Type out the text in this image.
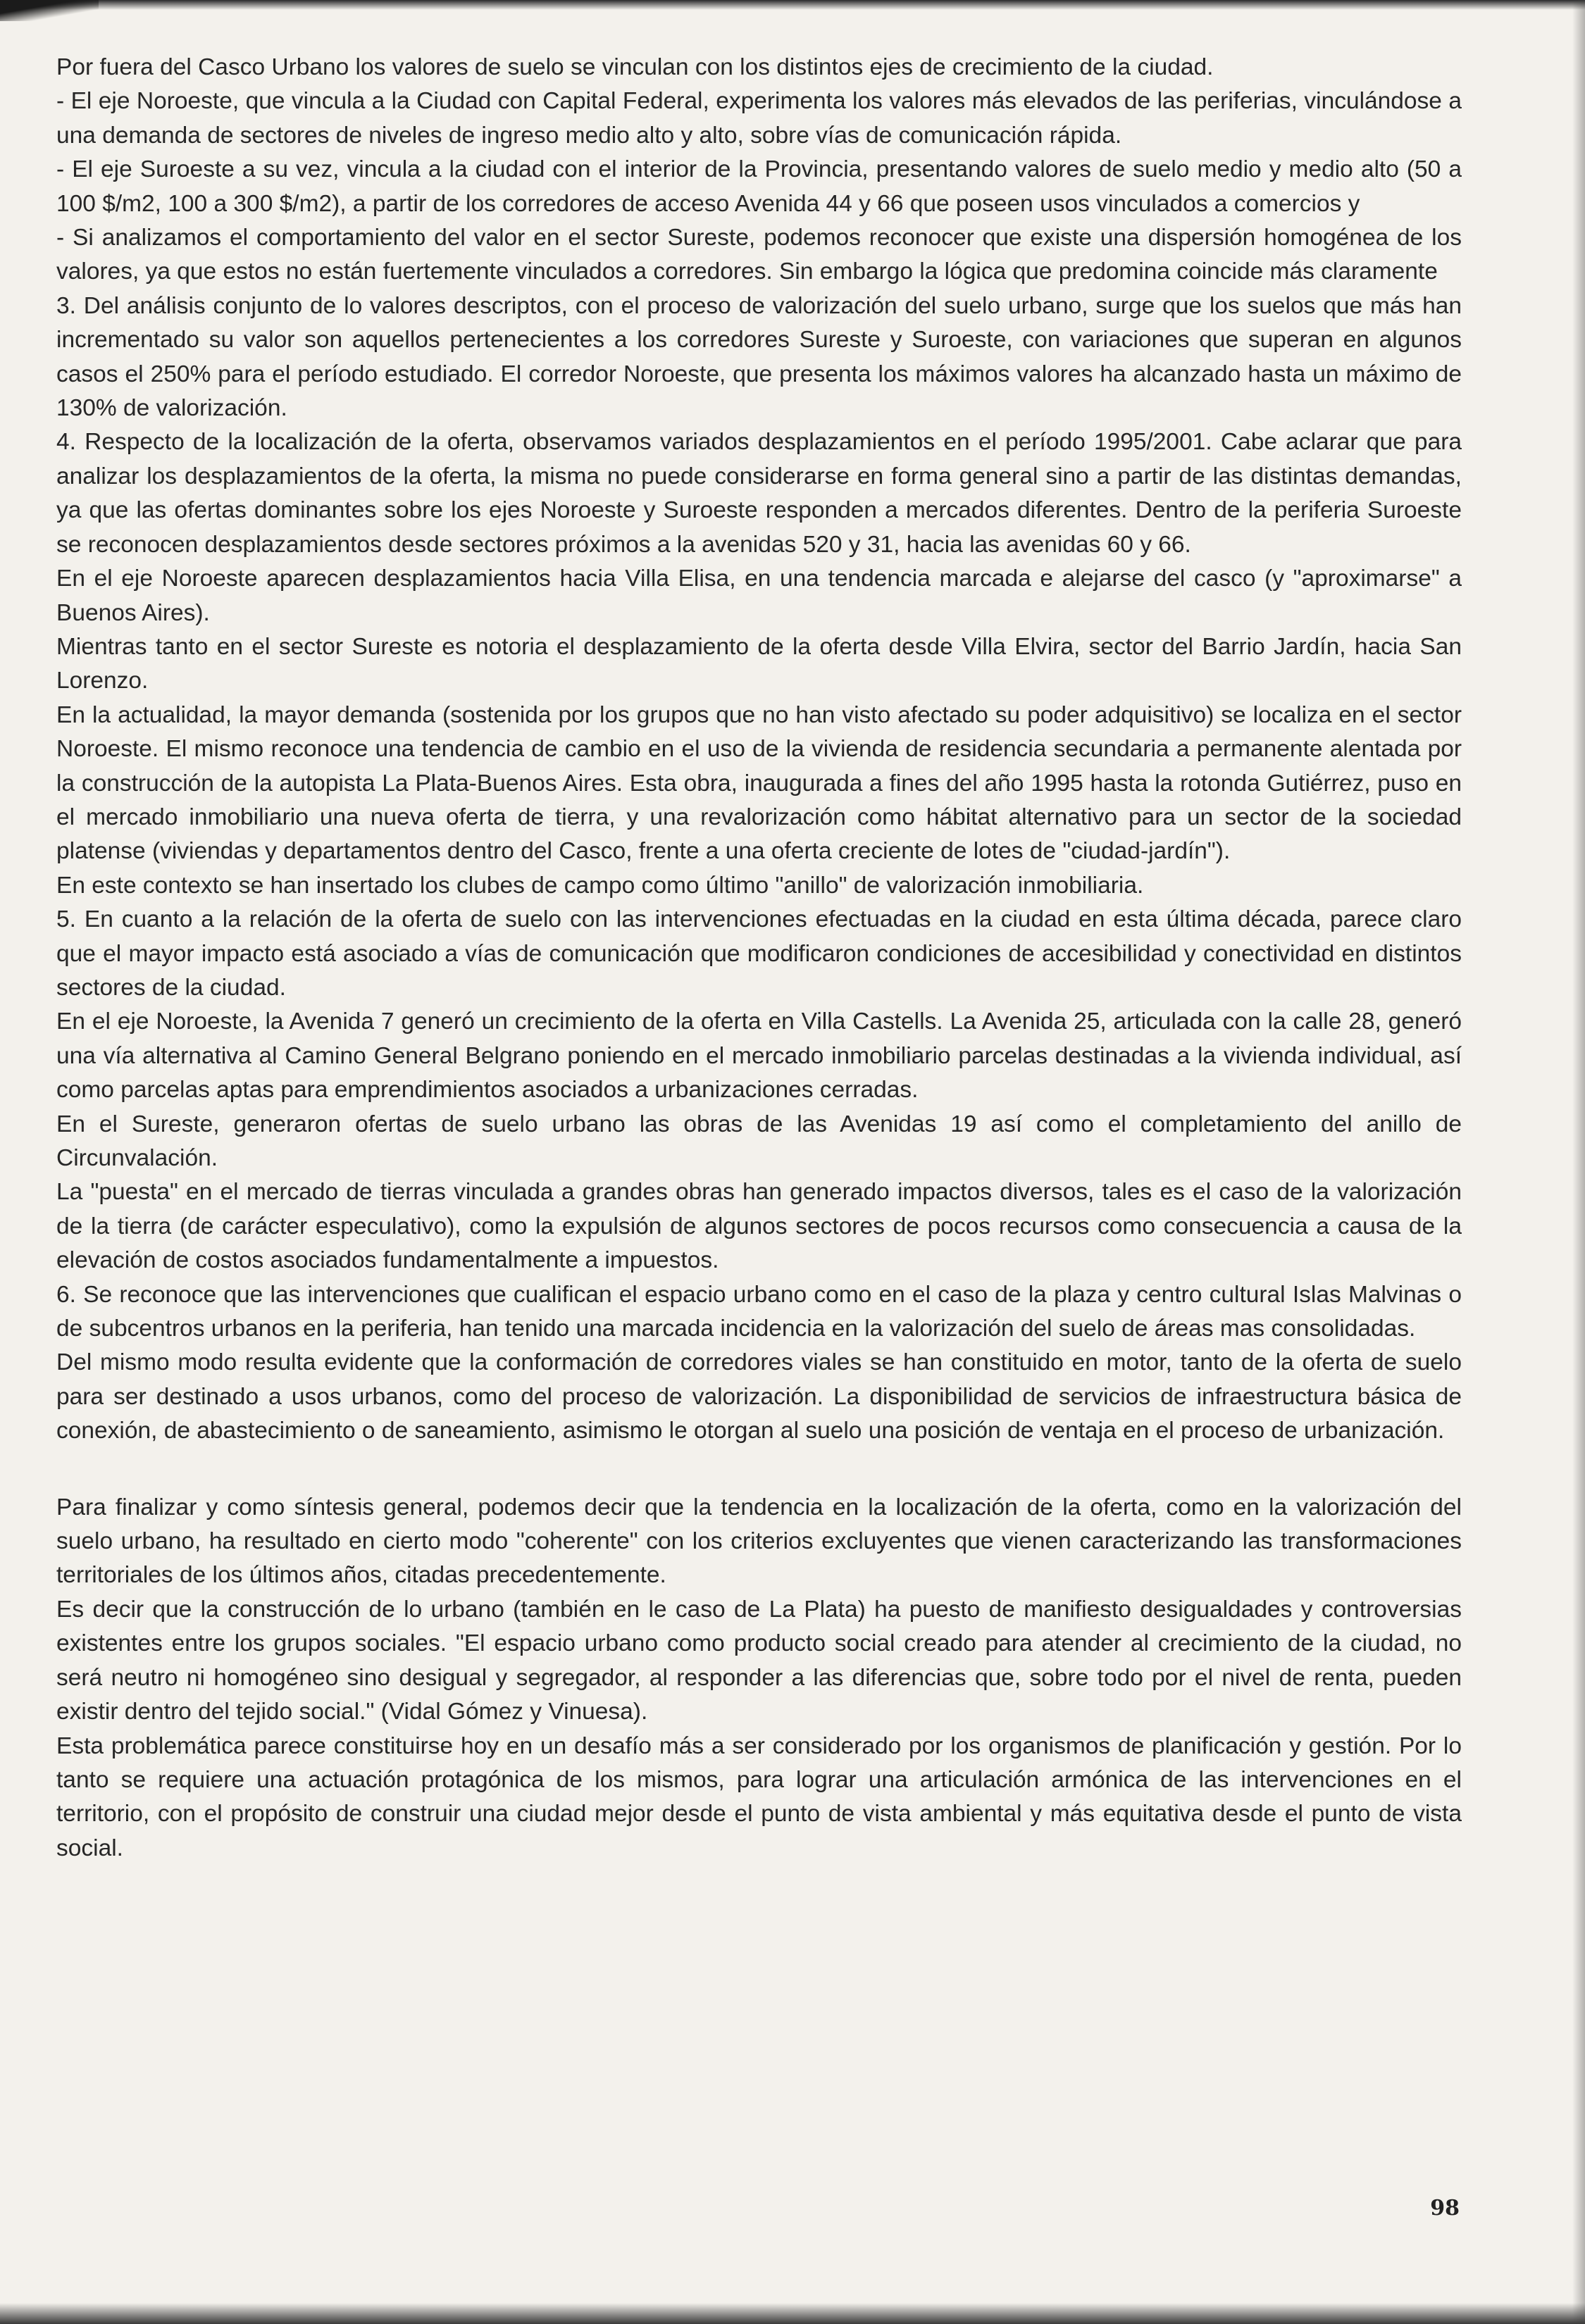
Por fuera del Casco Urbano los valores de suelo se vinculan con los distintos ejes de crecimiento de la ciudad.

- El eje Noroeste, que vincula a la Ciudad con Capital Federal, experimenta los valores más elevados de las periferias, vinculándose a una demanda de sectores de niveles de ingreso medio alto y alto, sobre vías de comunicación rápida.

- El eje Suroeste a su vez, vincula a la ciudad con el interior de la Provincia, presentando valores de suelo medio y medio alto (50 a 100 $/m2, 100 a 300 $/m2), a partir de los corredores de acceso Avenida 44 y 66 que poseen usos vinculados a comercios y

- Si analizamos el comportamiento del valor en el sector Sureste, podemos reconocer que existe una dispersión homogénea de los valores, ya que estos no están fuertemente vinculados a corredores. Sin embargo la lógica que predomina coincide más claramente

3. Del análisis conjunto de lo valores descriptos, con el proceso de valorización del suelo urbano, surge que los suelos que más han incrementado su valor son aquellos pertenecientes a los corredores Sureste y Suroeste, con variaciones que superan en algunos casos el 250% para el período estudiado. El corredor Noroeste, que presenta los máximos valores ha alcanzado hasta un máximo de 130% de valorización.

4. Respecto de la localización de la oferta, observamos variados desplazamientos en el período 1995/2001. Cabe aclarar que para analizar los desplazamientos de la oferta, la misma no puede considerarse en forma general sino a partir de las distintas demandas, ya que las ofertas dominantes sobre los ejes Noroeste y Suroeste responden a mercados diferentes. Dentro de la periferia Suroeste se reconocen desplazamientos desde sectores próximos a la avenidas 520 y 31, hacia las avenidas 60 y 66.

En el eje Noroeste aparecen desplazamientos hacia Villa Elisa, en una tendencia marcada e alejarse del casco (y "aproximarse" a Buenos Aires).

Mientras tanto en el sector Sureste es notoria el desplazamiento de la oferta desde Villa Elvira, sector del Barrio Jardín, hacia San Lorenzo.

En la actualidad, la mayor demanda (sostenida por los grupos que no han visto afectado su poder adquisitivo) se localiza en el sector Noroeste. El mismo reconoce una tendencia de cambio en el uso de la vivienda de residencia secundaria a permanente alentada por la construcción de la autopista La Plata-Buenos Aires. Esta obra, inaugurada a fines del año 1995 hasta la rotonda Gutiérrez, puso en el mercado inmobiliario una nueva oferta de tierra, y una revalorización como hábitat alternativo para un sector de la sociedad platense (viviendas y departamentos dentro del Casco, frente a una oferta creciente de lotes de "ciudad-jardín").

En este contexto se han insertado los clubes de campo como último "anillo" de valorización inmobiliaria.

5. En cuanto a la relación de la oferta de suelo con las intervenciones efectuadas en la ciudad en esta última década, parece claro que el mayor impacto está asociado a vías de comunicación que modificaron condiciones de accesibilidad y conectividad en distintos sectores de la ciudad.

En el eje Noroeste, la Avenida 7 generó un crecimiento de la oferta en Villa Castells. La Avenida 25, articulada con la calle 28, generó una vía alternativa al Camino General Belgrano poniendo en el mercado inmobiliario parcelas destinadas a la vivienda individual, así como parcelas aptas para emprendimientos asociados a urbanizaciones cerradas.

En el Sureste, generaron ofertas de suelo urbano las obras de las Avenidas 19 así como el completamiento del anillo de Circunvalación.

La "puesta" en el mercado de tierras vinculada a grandes obras han generado impactos diversos, tales es el caso de la valorización de la tierra (de carácter especulativo), como la expulsión de algunos sectores de pocos recursos como consecuencia a causa de la elevación de costos asociados fundamentalmente a impuestos.

6. Se reconoce que las intervenciones que cualifican el espacio urbano como en el caso de la plaza y centro cultural Islas Malvinas o de subcentros urbanos en la periferia, han tenido una marcada incidencia en la valorización del suelo de áreas mas consolidadas.

Del mismo modo resulta evidente que la conformación de corredores viales se han constituido en motor, tanto de la oferta de suelo para ser destinado a usos urbanos, como del proceso de valorización. La disponibilidad de servicios de infraestructura básica de conexión, de abastecimiento o de saneamiento, asimismo le otorgan al suelo una posición de ventaja en el proceso de urbanización.

Para finalizar y como síntesis general, podemos decir que la tendencia en la localización de la oferta, como en la valorización del suelo urbano, ha resultado en cierto modo "coherente" con los criterios excluyentes que vienen caracterizando las transformaciones territoriales de los últimos años, citadas precedentemente.

Es decir que la construcción de lo urbano (también en le caso de La Plata) ha puesto de manifiesto desigualdades y controversias existentes entre los grupos sociales. "El espacio urbano como producto social creado para atender al crecimiento de la ciudad, no será neutro ni homogéneo sino desigual y segregador, al responder a las diferencias que, sobre todo por el nivel de renta, pueden existir dentro del tejido social." (Vidal Gómez y Vinuesa).

Esta problemática parece constituirse hoy en un desafío más a ser considerado por los organismos de planificación y gestión. Por lo tanto se requiere una actuación protagónica de los mismos, para lograr una articulación armónica de las intervenciones en el territorio, con el propósito de construir una ciudad mejor desde el punto de vista ambiental y más equitativa desde el punto de vista social.

98
